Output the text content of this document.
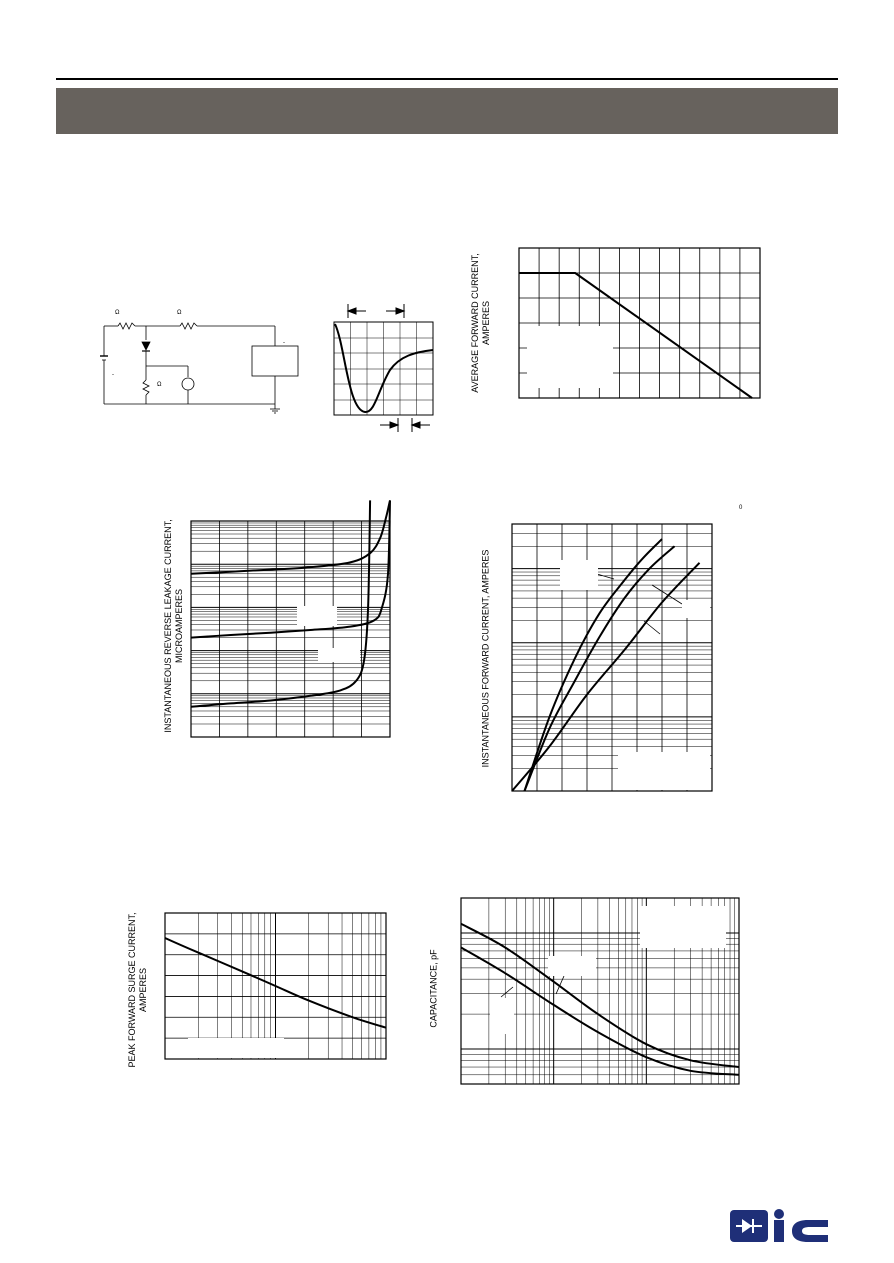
Ω	Ω
Ω
-
-
0
AVERAGE FORWARD CURRENT, AMPERES
INSTANTANEOUS REVERSE LEAKAGE CURRENT, MICROAMPERES	INSTANTANEOUS FORWARD CURRENT, AMPERES
PEAK FORWARD SURGE CURRENT, AMPERES	CAPACITANCE, pF
